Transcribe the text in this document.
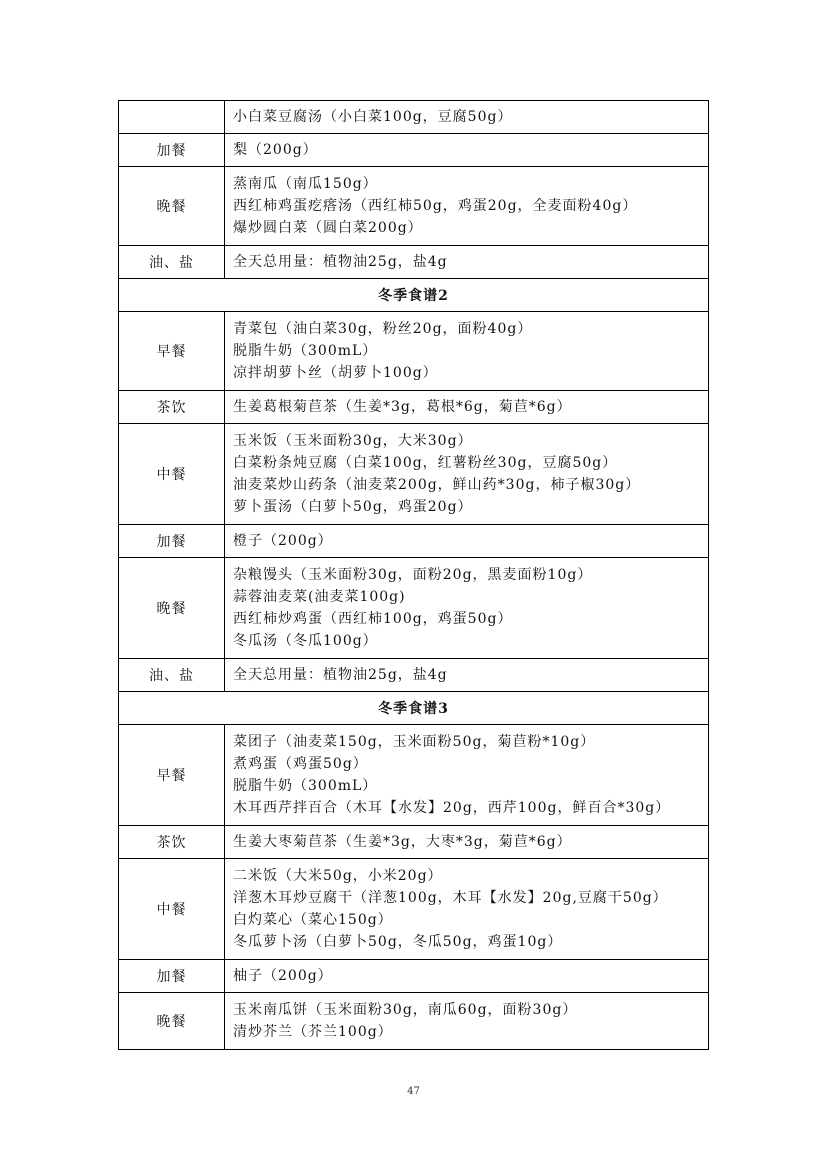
	小白菜豆腐汤（小白菜100g，豆腐50g）

加餐	梨（200g）

晚餐	蒸南瓜（南瓜150g）
西红柿鸡蛋疙瘩汤（西红柿50g，鸡蛋20g，全麦面粉40g）
爆炒圆白菜（圆白菜200g）

油、盐	全天总用量：植物油25g，盐4g

冬季食谱2	
早餐	青菜包（油白菜30g，粉丝20g，面粉40g）
脱脂牛奶（300mL）
凉拌胡萝卜丝（胡萝卜100g）

茶饮	生姜葛根菊苣茶（生姜*3g，葛根*6g，菊苣*6g）

中餐	玉米饭（玉米面粉30g，大米30g）
白菜粉条炖豆腐（白菜100g，红薯粉丝30g，豆腐50g）
油麦菜炒山药条（油麦菜200g，鲜山药*30g，柿子椒30g）
萝卜蛋汤（白萝卜50g，鸡蛋20g）

加餐	橙子（200g）

晚餐	杂粮馒头（玉米面粉30g，面粉20g，黑麦面粉10g）
蒜蓉油麦菜(油麦菜100g)
西红柿炒鸡蛋（西红柿100g，鸡蛋50g）
冬瓜汤（冬瓜100g）

油、盐	全天总用量：植物油25g，盐4g

冬季食谱3	
早餐	菜团子（油麦菜150g，玉米面粉50g，菊苣粉*10g）
煮鸡蛋（鸡蛋50g）
脱脂牛奶（300mL）
木耳西芹拌百合（木耳【水发】20g，西芹100g，鲜百合*30g）

茶饮	生姜大枣菊苣茶（生姜*3g，大枣*3g，菊苣*6g）

中餐	二米饭（大米50g，小米20g）
洋葱木耳炒豆腐干（洋葱100g，木耳【水发】20g,豆腐干50g）
白灼菜心（菜心150g）
冬瓜萝卜汤（白萝卜50g，冬瓜50g，鸡蛋10g）

加餐	柚子（200g）

晚餐	玉米南瓜饼（玉米面粉30g，南瓜60g，面粉30g）
清炒芥兰（芥兰100g）
47
